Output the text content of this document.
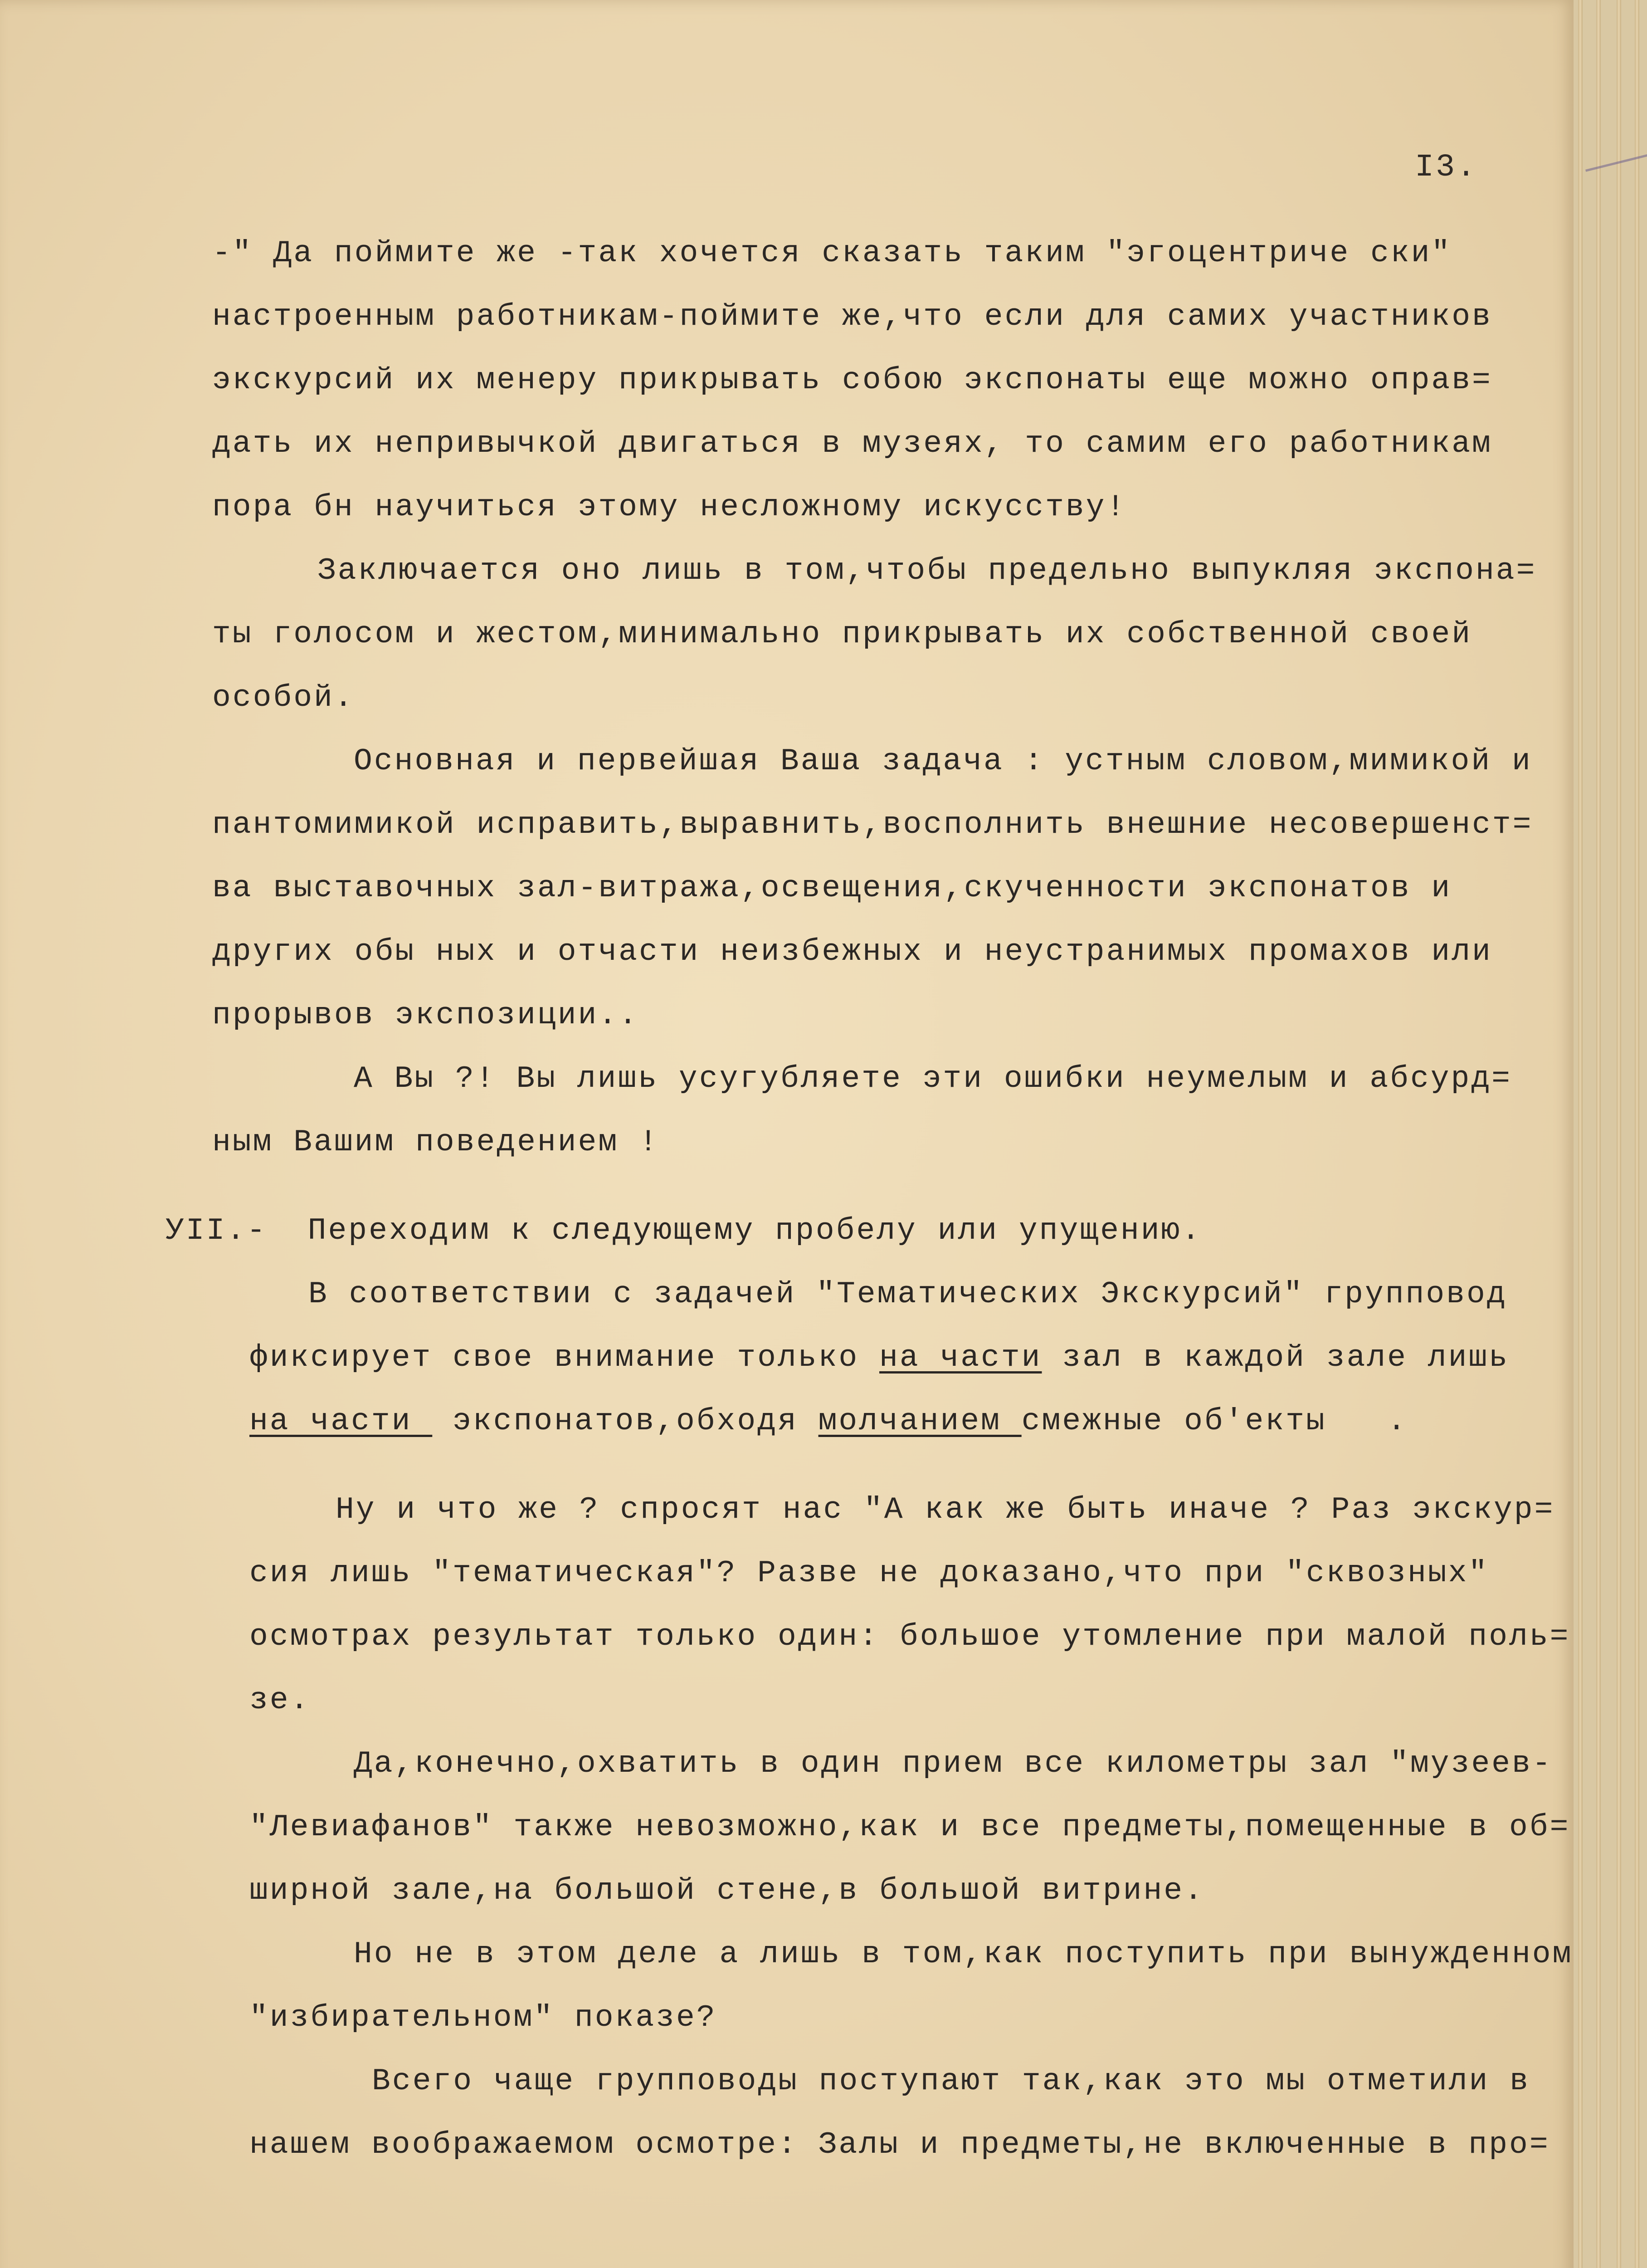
I3.
-" Да поймите же -так хочется сказать таким "эгоцентриче ски"
настроенным работникам-поймите же,что если для самих участников
экскурсий их менеру прикрывать собою экспонаты еще можно оправ=
дать их непривычкой двигаться в музеях, то самим его работникам
пора бн научиться этому несложному искусству!
Заключается оно лишь в том,чтобы предельно выпукляя экспона=
ты голосом и жестом,минимально прикрывать их собственной своей
особой.
Основная и первейшая Ваша задача : устным словом,мимикой и
пантомимикой исправить,выравнить,восполнить внешние несовершенст=
ва выставочных зал-витража,освещения,скученности экспонатов и
других обы ных и отчасти неизбежных и неустранимых промахов или
прорывов экспозиции..
А Вы ?! Вы лишь усугубляете эти ошибки неумелым и абсурд=
ным Вашим поведением !
УII.-  Переходим к следующему пробелу или упущению.
В соответствии с задачей "Тематических Экскурсий" групповод
фиксирует свое внимание только на части зал в каждой зале лишь
на части  экспонатов,обходя молчанием смежные об'екты   .
Ну и что же ? спросят нас "А как же быть иначе ? Раз экскур=
сия лишь "тематическая"? Разве не доказано,что при "сквозных"
осмотрах результат только один: большое утомление при малой поль=
зе.
Да,конечно,охватить в один прием все километры зал "музеев-
"Левиафанов" также невозможно,как и все предметы,помещенные в об=
ширной зале,на большой стене,в большой витрине.
Но не в этом деле а лишь в том,как поступить при вынужденном
"избирательном" показе?
Всего чаще групповоды поступают так,как это мы отметили в
нашем воображаемом осмотре: Залы и предметы,не включенные в про=
